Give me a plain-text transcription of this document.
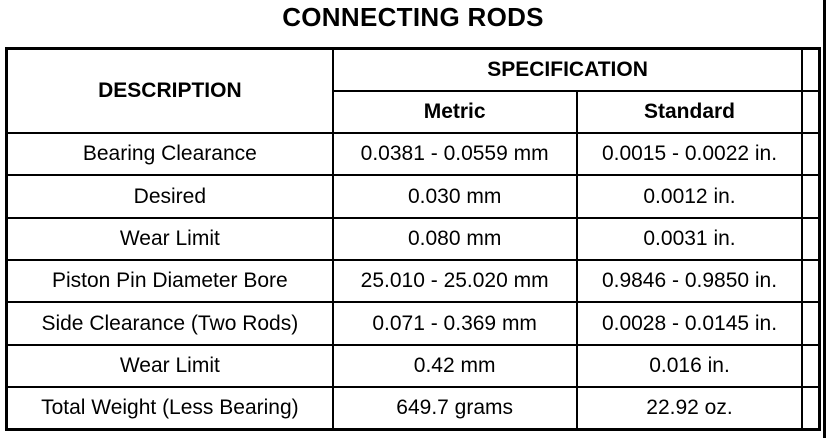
CONNECTING RODS
DESCRIPTION	SPECIFICATION		
	Metric	Standard	
Bearing Clearance	0.0381 - 0.0559 mm	0.0015 - 0.0022 in.	
Desired	0.030 mm	0.0012 in.	
Wear Limit	0.080 mm	0.0031 in.	
Piston Pin Diameter Bore	25.010 - 25.020 mm	0.9846 - 0.9850 in.	
Side Clearance (Two Rods)	0.071 - 0.369 mm	0.0028 - 0.0145 in.	
Wear Limit	0.42 mm	0.016 in.	
Total Weight (Less Bearing)	649.7 grams	22.92 oz.	
